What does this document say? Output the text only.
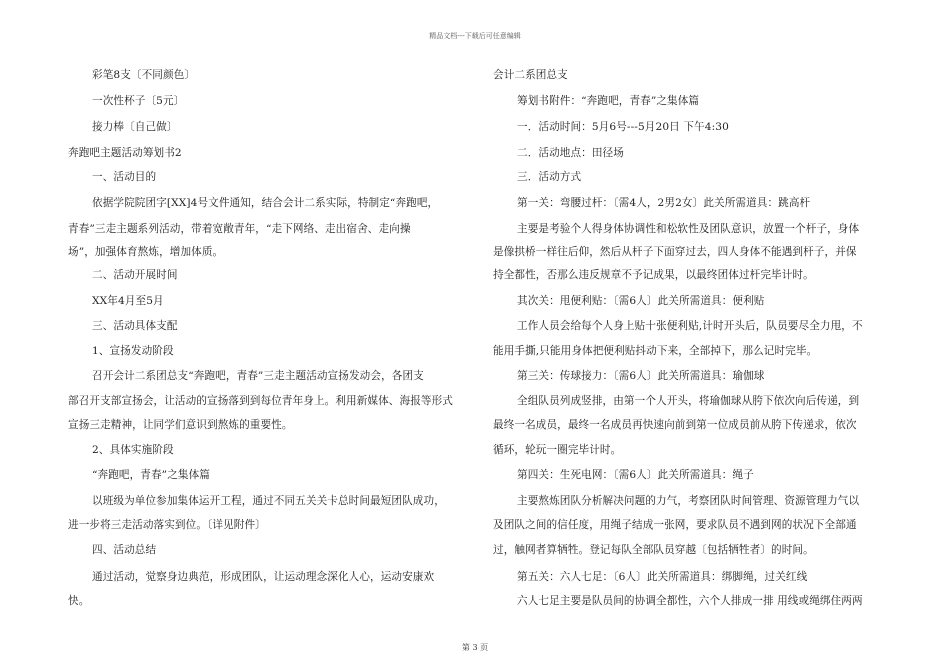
精品文档---下载后可任意编辑
彩笔8支〔不同颜色〕
一次性杯子〔5元〕
接力棒〔自己做〕
奔跑吧主题活动筹划书2
一、活动目的
依据学院院团字[XX]4号文件通知，结合会计二系实际，特制定“奔跑吧，
青春”三走主题系列活动，带着宽敞青年，“走下网络、走出宿舍、走向操
场”，加强体育熬炼，增加体质。
二、活动开展时间
XX年4月至5月
三、活动具体支配
1、宣扬发动阶段
召开会计二系团总支“奔跑吧，青春”三走主题活动宣扬发动会，各团支
部召开支部宣扬会，让活动的宣扬落到到每位青年身上。利用新媒体、海报等形式
宣扬三走精神，让同学们意识到熬炼的重要性。
2、具体实施阶段
“奔跑吧，青春”之集体篇
以班级为单位参加集体运开工程，通过不同五关关卡总时间最短团队成功，
进一步将三走活动落实到位。〔详见附件〕
四、活动总结
通过活动，觉察身边典范，形成团队，让运动理念深化人心，运动安康欢
快。
会计二系团总支
筹划书附件：“奔跑吧，青春”之集体篇
一．活动时间：5月6号---5月20日 下午4:30
二．活动地点：田径场
三．活动方式
第一关：弯腰过杆：〔需4人，2男2女〕此关所需道具：跳高杆
主要是考验个人得身体协调性和松软性及团队意识，放置一个杆子，身体
是像拱桥一样往后仰，然后从杆子下面穿过去，四人身体不能遇到杆子，并保
持全都性，否那么违反规章不予记成果，以最终团体过杆完毕计时。
其次关：甩便利贴：〔需6人〕此关所需道具：便利贴
工作人员会给每个人身上贴十张便利贴,计时开头后，队员要尽全力甩，不
能用手撕,只能用身体把便利贴抖动下来，全部掉下，那么记时完毕。
第三关：传球接力：〔需6人〕此关所需道具：瑜伽球
全组队员列成竖排，由第一个人开头，将瑜伽球从胯下依次向后传递，到
最终一名成员，最终一名成员再快速向前到第一位成员前从胯下传递求，依次
循环，轮玩一圈完毕计时。
第四关：生死电网：〔需6人〕此关所需道具：绳子
主要熬炼团队分析解决问题的力气，考察团队时间管理、资源管理力气以
及团队之间的信任度，用绳子结成一张网，要求队员不遇到网的状况下全部通
过，触网者算牺牲。登记每队全部队员穿越〔包括牺牲者〕的时间。
第五关：六人七足：〔6人〕此关所需道具：绑脚绳，过关红线
六人七足主要是队员间的协调全都性，六个人排成一排 用线或绳绑住两两
第 3 页
